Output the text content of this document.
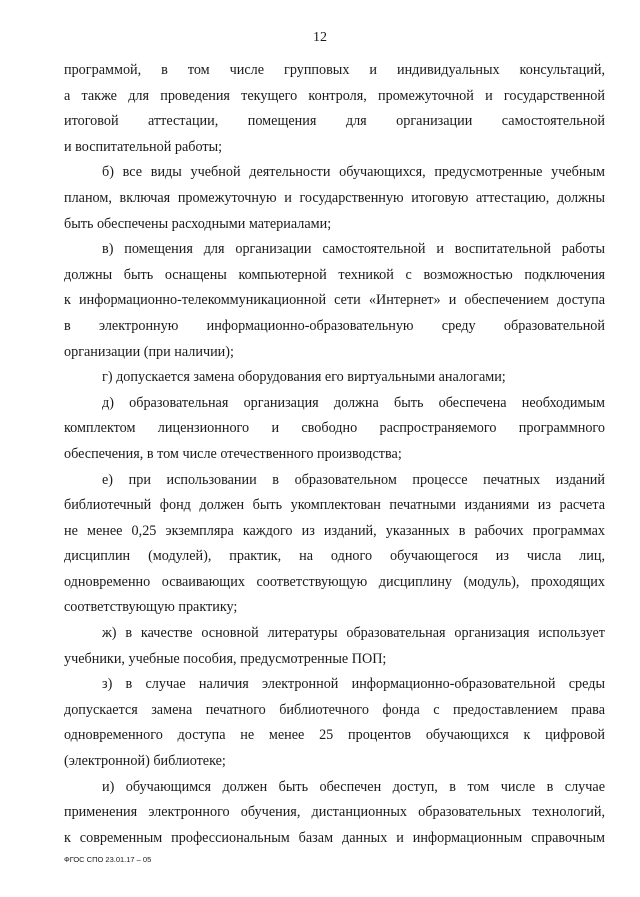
12
программой, в том числе групповых и индивидуальных консультаций,
а также для проведения текущего контроля, промежуточной и государственной
итоговой аттестации, помещения для организации самостоятельной
и воспитательной работы;
б) все виды учебной деятельности обучающихся, предусмотренные учебным
планом, включая промежуточную и государственную итоговую аттестацию, должны
быть обеспечены расходными материалами;
в) помещения для организации самостоятельной и воспитательной работы
должны быть оснащены компьютерной техникой с возможностью подключения
к информационно-телекоммуникационной сети «Интернет» и обеспечением доступа
в электронную информационно-образовательную среду образовательной
организации (при наличии);
г) допускается замена оборудования его виртуальными аналогами;
д) образовательная организация должна быть обеспечена необходимым
комплектом лицензионного и свободно распространяемого программного
обеспечения, в том числе отечественного производства;
е) при использовании в образовательном процессе печатных изданий
библиотечный фонд должен быть укомплектован печатными изданиями из расчета
не менее 0,25 экземпляра каждого из изданий, указанных в рабочих программах
дисциплин (модулей), практик, на одного обучающегося из числа лиц,
одновременно осваивающих соответствующую дисциплину (модуль), проходящих
соответствующую практику;
ж) в качестве основной литературы образовательная организация использует
учебники, учебные пособия, предусмотренные ПОП;
з) в случае наличия электронной информационно-образовательной среды
допускается замена печатного библиотечного фонда с предоставлением права
одновременного доступа не менее 25 процентов обучающихся к цифровой
(электронной) библиотеке;
и) обучающимся должен быть обеспечен доступ, в том числе в случае
применения электронного обучения, дистанционных образовательных технологий,
к современным профессиональным базам данных и информационным справочным
ФГОС СПО 23.01.17 – 05
